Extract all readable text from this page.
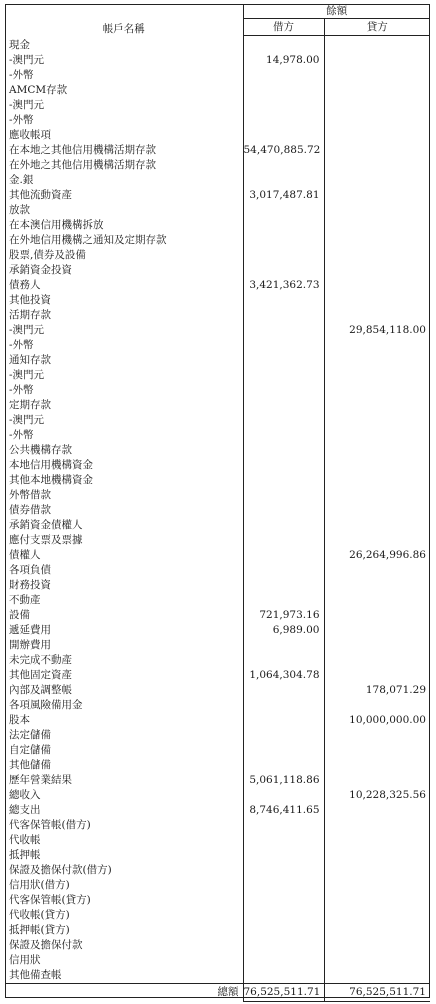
帳戶名稱	餘額	
	借方	貸方
現金		
-澳門元	14,978.00	
-外幣		
AMCM存款		
-澳門元		
-外幣		
應收帳項		
在本地之其他信用機構活期存款	54,470,885.72	
在外地之其他信用機構活期存款		
金.銀		
其他流動資產	3,017,487.81	
放款		
在本澳信用機構拆放		
在外地信用機構之通知及定期存款		
股票,債券及設備		
承銷資金投資		
債務人	3,421,362.73	
其他投資		
活期存款		
-澳門元		29,854,118.00
-外幣		
通知存款		
-澳門元		
-外幣		
定期存款		
-澳門元		
-外幣		
公共機構存款		
本地信用機構資金		
其他本地機構資金		
外幣借款		
債券借款		
承銷資金債權人		
應付支票及票據		
債權人		26,264,996.86
各項負債		
財務投資		
不動產		
設備	721,973.16	
遞延費用	6,989.00	
開辦費用		
未完成不動產		
其他固定資產	1,064,304.78	
內部及調整帳		178,071.29
各項風險備用金		
股本		10,000,000.00
法定儲備		
自定儲備		
其他儲備		
歷年營業結果	5,061,118.86	
總收入		10,228,325.56
總支出	8,746,411.65	
代客保管帳(借方)		
代收帳		
抵押帳		
保證及擔保付款(借方)		
信用狀(借方)		
代客保管帳(貸方)		
代收帳(貸方)		
抵押帳(貸方)		
保證及擔保付款		
信用狀		
其他備查帳		
總額	76,525,511.71	76,525,511.71
